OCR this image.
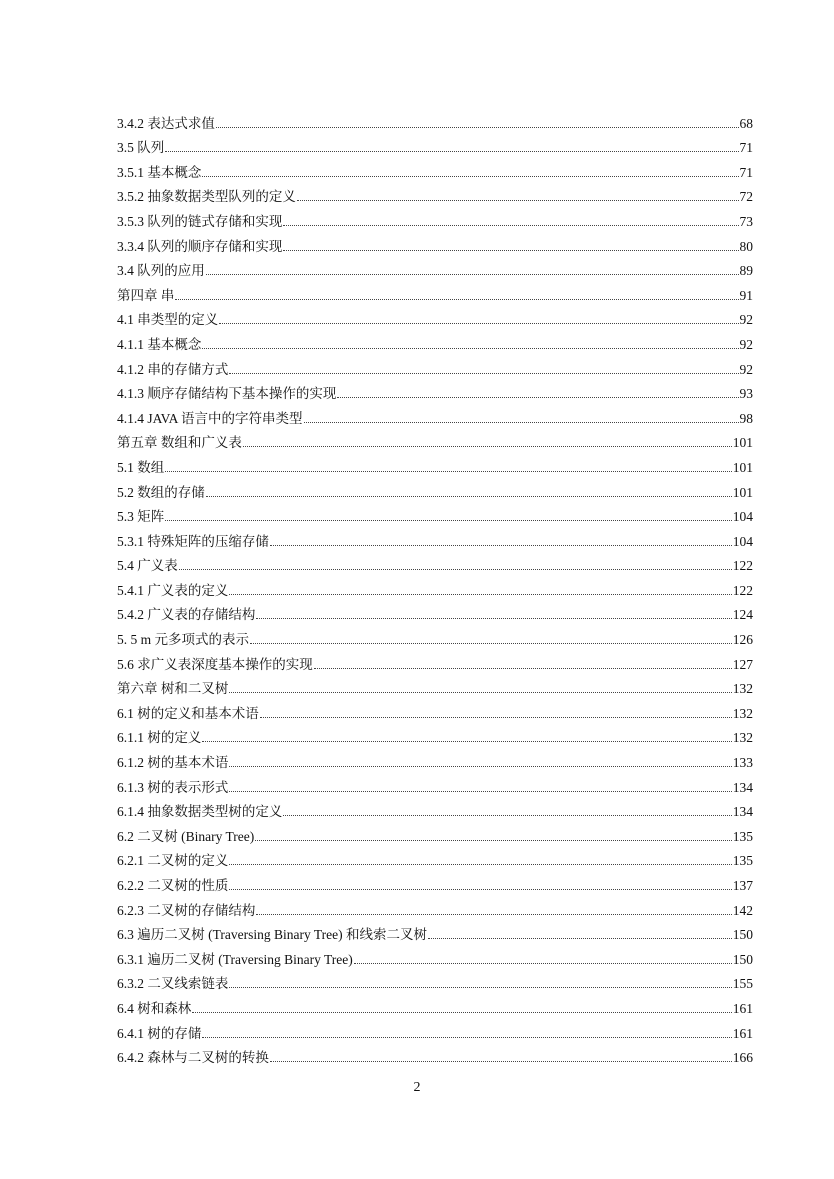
3.4.2 表达式求值	68
3.5 队列	71
3.5.1 基本概念	71
3.5.2 抽象数据类型队列的定义	72
3.5.3 队列的链式存储和实现	73
3.3.4 队列的顺序存储和实现	80
3.4 队列的应用	89
第四章 串	91
4.1 串类型的定义	92
4.1.1 基本概念	92
4.1.2 串的存储方式	92
4.1.3 顺序存储结构下基本操作的实现	93
4.1.4 JAVA 语言中的字符串类型	98
第五章 数组和广义表	101
5.1 数组	101
5.2 数组的存储	101
5.3 矩阵	104
5.3.1 特殊矩阵的压缩存储	104
5.4 广义表	122
5.4.1 广义表的定义	122
5.4.2 广义表的存储结构	124
5. 5 m 元多项式的表示	126
5.6 求广义表深度基本操作的实现	127
第六章 树和二叉树	132
6.1 树的定义和基本术语	132
6.1.1 树的定义	132
6.1.2 树的基本术语	133
6.1.3 树的表示形式	134
6.1.4 抽象数据类型树的定义	134
6.2 二叉树 (Binary Tree)	135
6.2.1 二叉树的定义	135
6.2.2 二叉树的性质	137
6.2.3 二叉树的存储结构	142
6.3 遍历二叉树 (Traversing Binary Tree) 和线索二叉树	150
6.3.1 遍历二叉树 (Traversing Binary Tree)	150
6.3.2 二叉线索链表	155
6.4 树和森林	161
6.4.1 树的存储	161
6.4.2 森林与二叉树的转换	166
2
